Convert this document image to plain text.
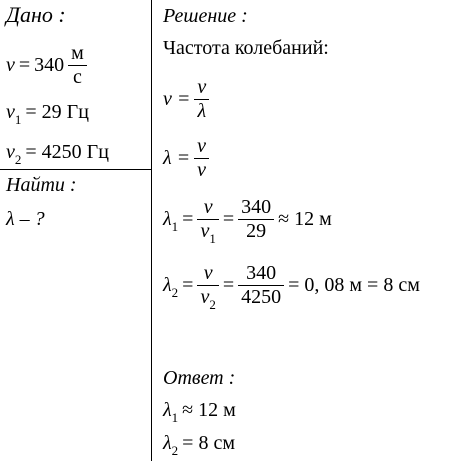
Дано :
$\nu = 340 \frac{м}{с}$
$\nu_1 = 29$ Гц
$\nu_2 = 4250$ Гц
Найти :
λ – ?
Решение :
Частота колебаний:
$\nu = \frac{v}{\lambda}$
$\lambda = \frac{v}{\nu}$
$\lambda_1 = \frac{v}{\nu_1} = \frac{340}{29} \approx 12$ м
$\lambda_2 = \frac{v}{\nu_2} = \frac{340}{4250} = 0$, 08 м = 8 см
Ответ :
$\lambda_1 \approx 12$ м
$\lambda_2 = 8$ см
